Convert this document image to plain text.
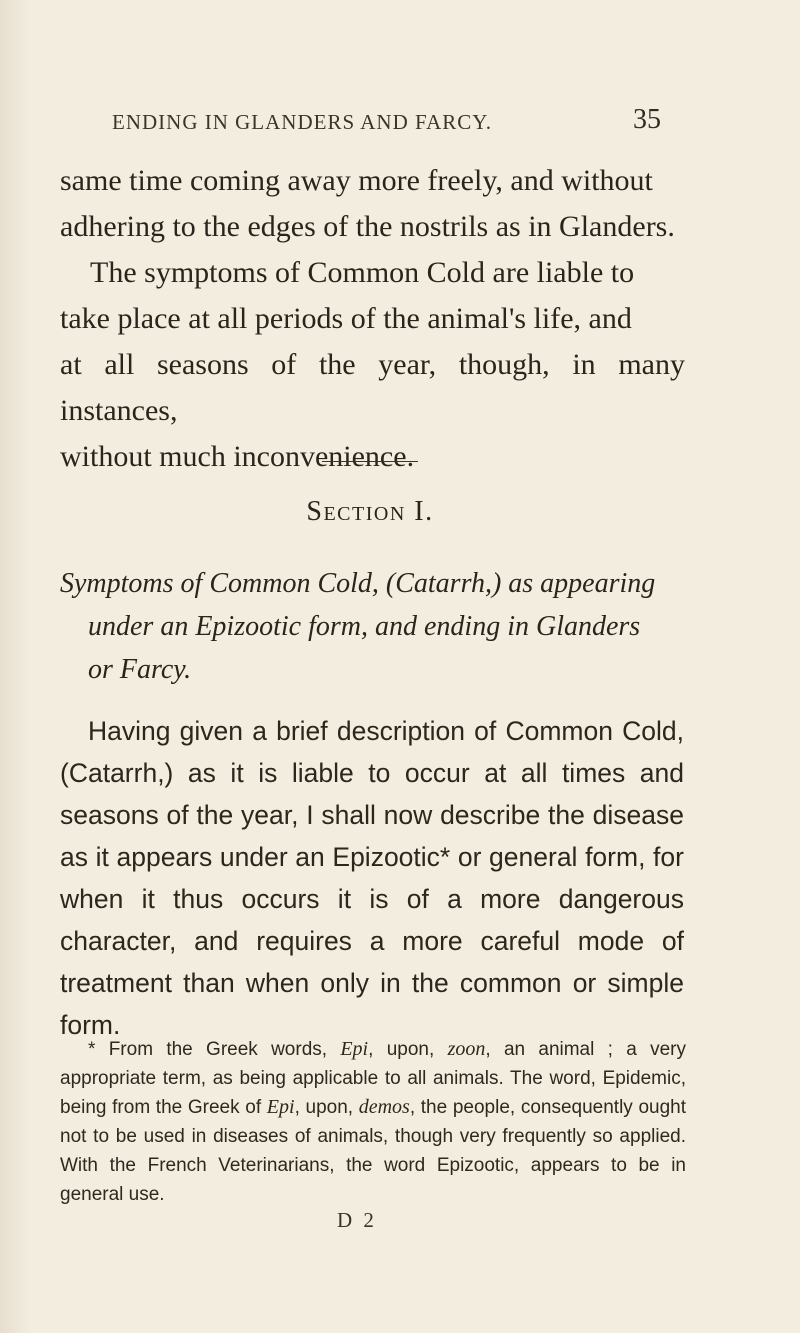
ENDING IN GLANDERS AND FARCY.	35

same time coming away more freely, and without

adhering to the edges of the nostrils as in Glanders.

The symptoms of Common Cold are liable to

take place at all periods of the animal's life, and

at all seasons of the year, though, in many instances,

without much inconvenience.

Section I.
Symptoms of Common Cold, (Catarrh,) as appearing
under an Epizootic form, and ending in Glanders
or Farcy.
Having given a brief description of Common Cold, (Catarrh,) as it is liable to occur at all times and seasons of the year, I shall now describe the disease as it appears under an Epizootic* or general form, for when it thus occurs it is of a more dangerous character, and requires a more careful mode of treatment than when only in the common or simple form.
* From the Greek words, Epi, upon, zoon, an animal ; a very appropriate term, as being applicable to all animals. The word, Epidemic, being from the Greek of Epi, upon, demos, the people, consequently ought not to be used in diseases of animals, though very frequently so applied. With the French Veterinarians, the word Epizootic, appears to be in general use.
D 2
